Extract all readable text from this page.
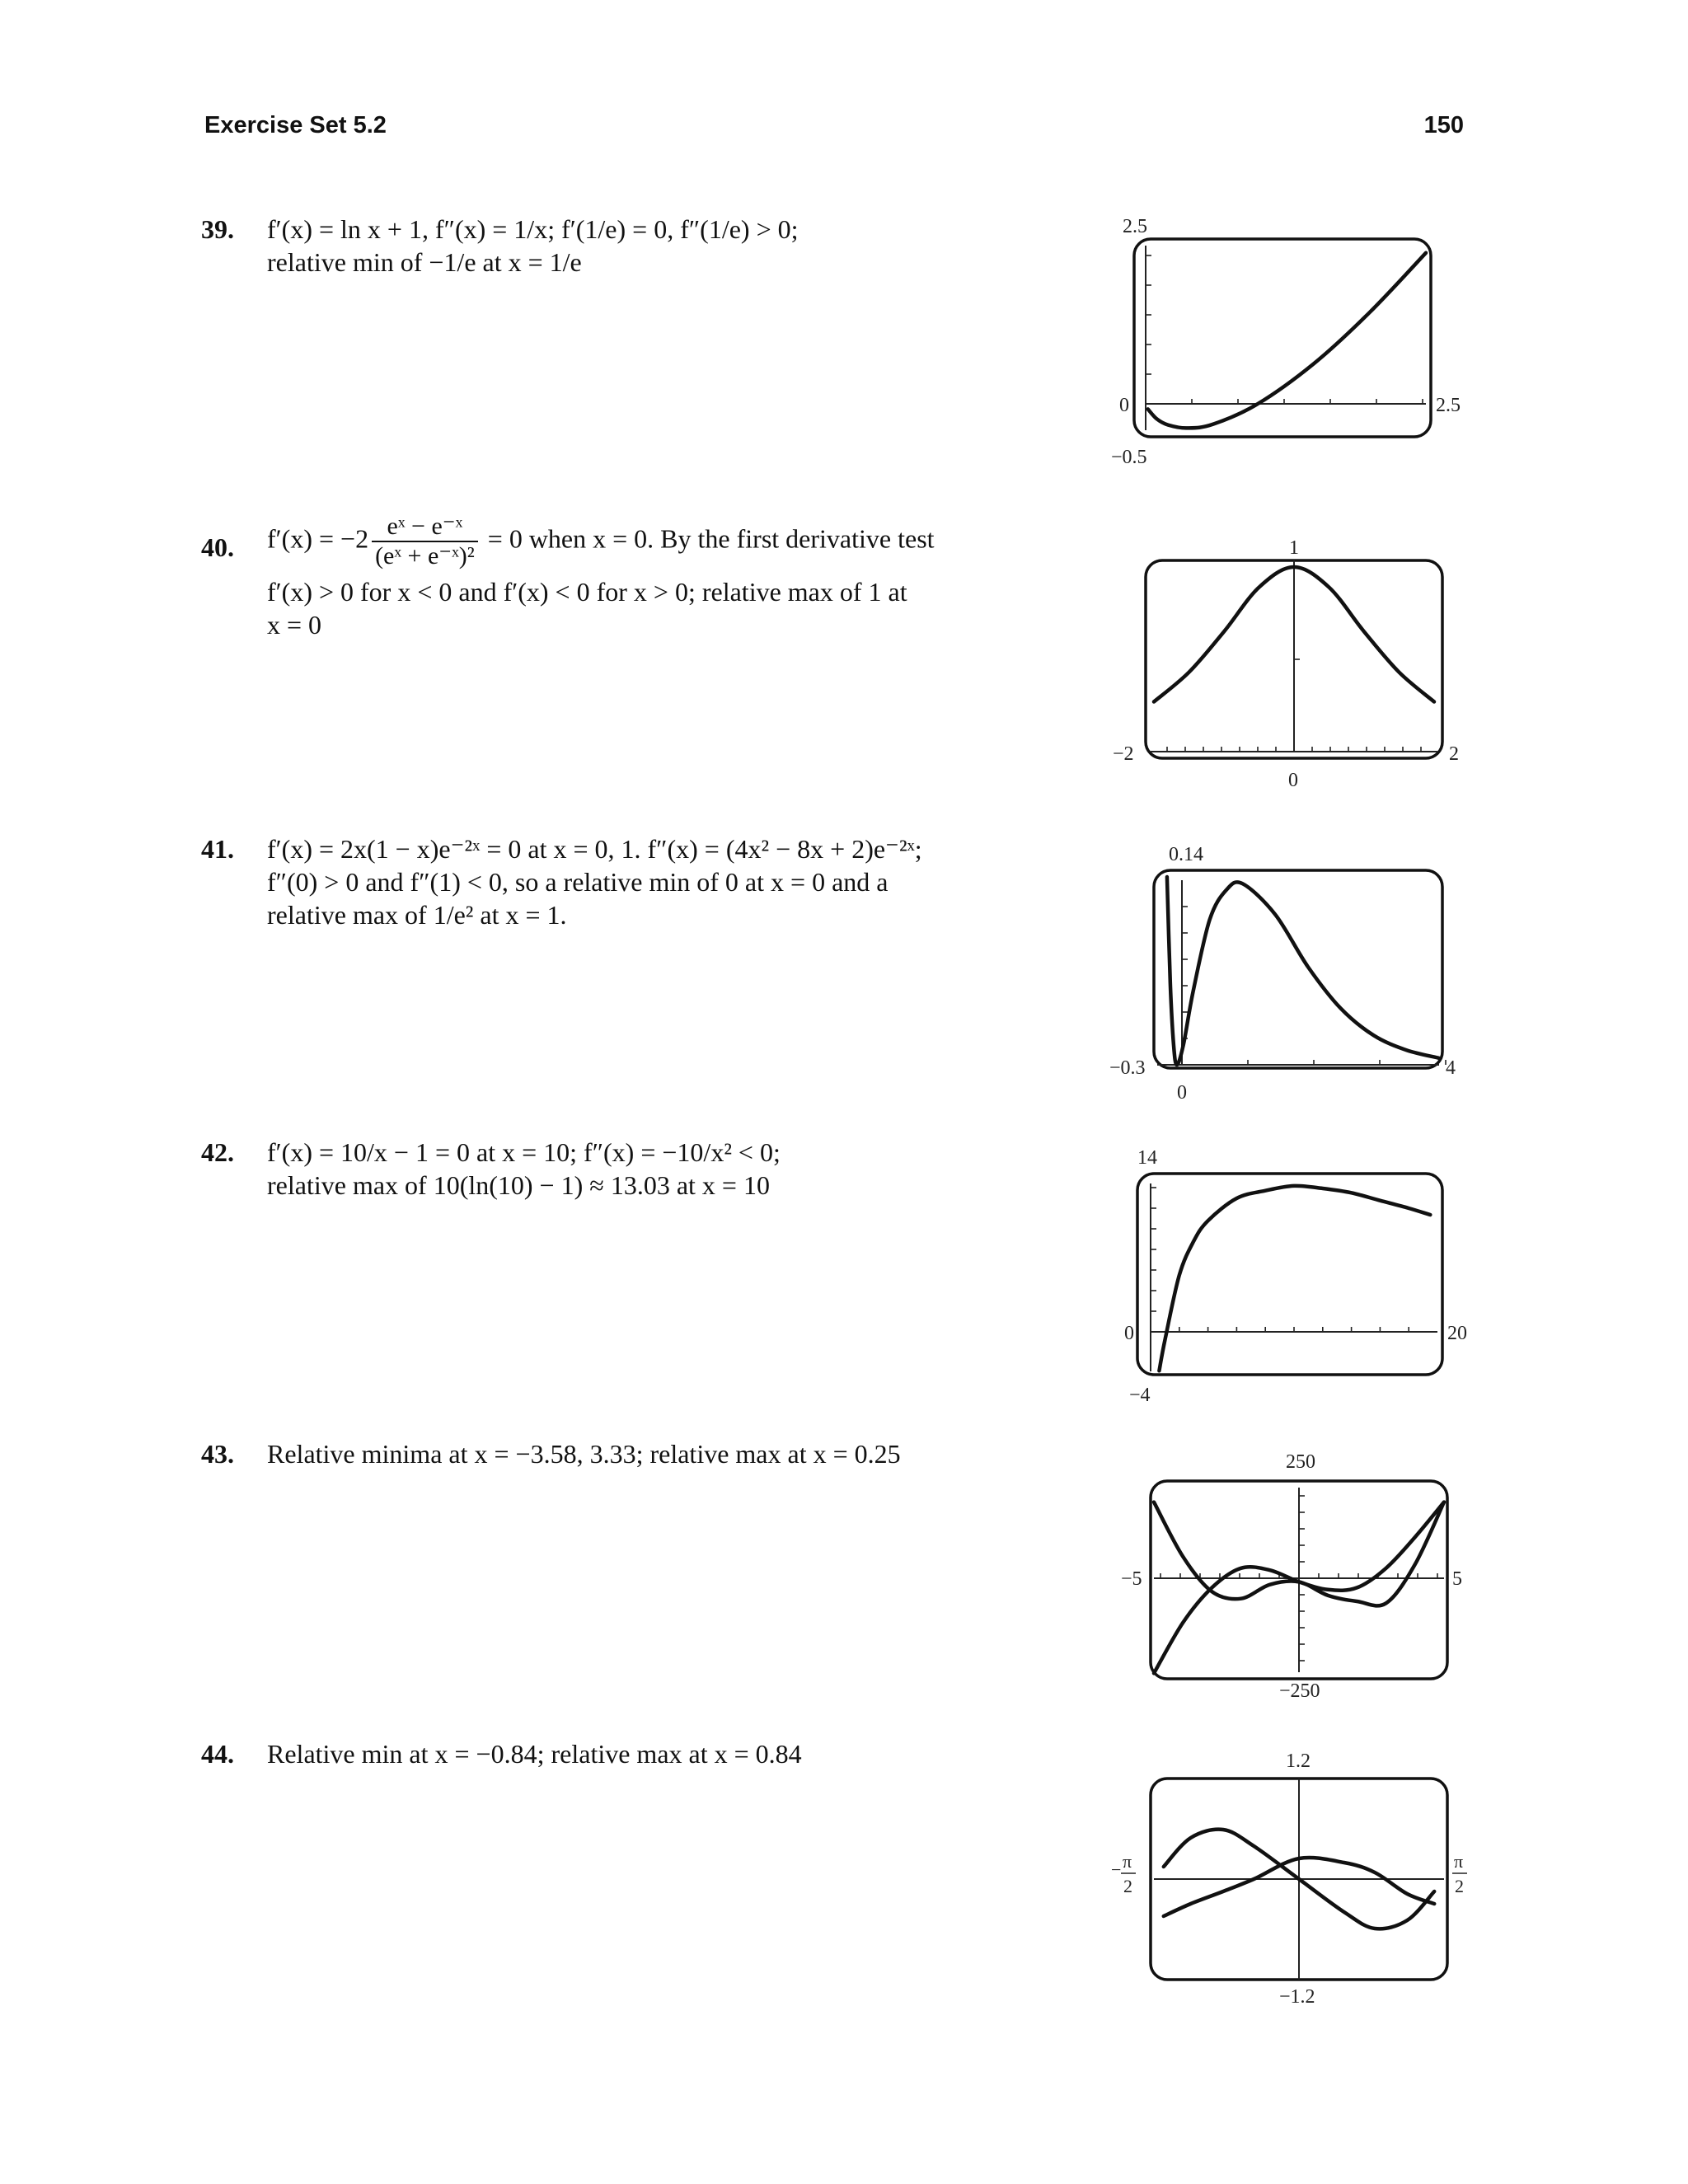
Exercise Set 5.2	150
39. f′(x) = ln x + 1, f″(x) = 1/x; f′(1/e) = 0, f″(1/e) > 0;
relative min of −1/e at x = 1/e
40. $f'(x) = -2 \frac{\text{eˣ − e⁻ˣ}}{\text{(eˣ + e⁻ˣ)²}} = 0$ when x = 0. By the first derivative test
f′(x) > 0 for x < 0 and f′(x) < 0 for x > 0; relative max of 1 at
x = 0
41. f′(x) = 2x(1 − x)e⁻²ˣ = 0 at x = 0, 1. f″(x) = (4x² − 8x + 2)e⁻²ˣ;
f″(0) > 0 and f″(1) < 0, so a relative min of 0 at x = 0 and a
relative max of 1/e² at x = 1.
42. f′(x) = 10/x − 1 = 0 at x = 10; f″(x) = −10/x² < 0;
relative max of 10(ln(10) − 1) ≈ 13.03 at x = 10
43. Relative minima at x = −3.58, 3.33; relative max at x = 0.25
44. Relative min at x = −0.84; relative max at x = 0.84
2.5
0	2.5
−0.5
1
−2	2
0
0.14
−0.3	4
0
14
0	20
−4
250
−5	5
−250
1.2
−1.2
− π
2
π
2
